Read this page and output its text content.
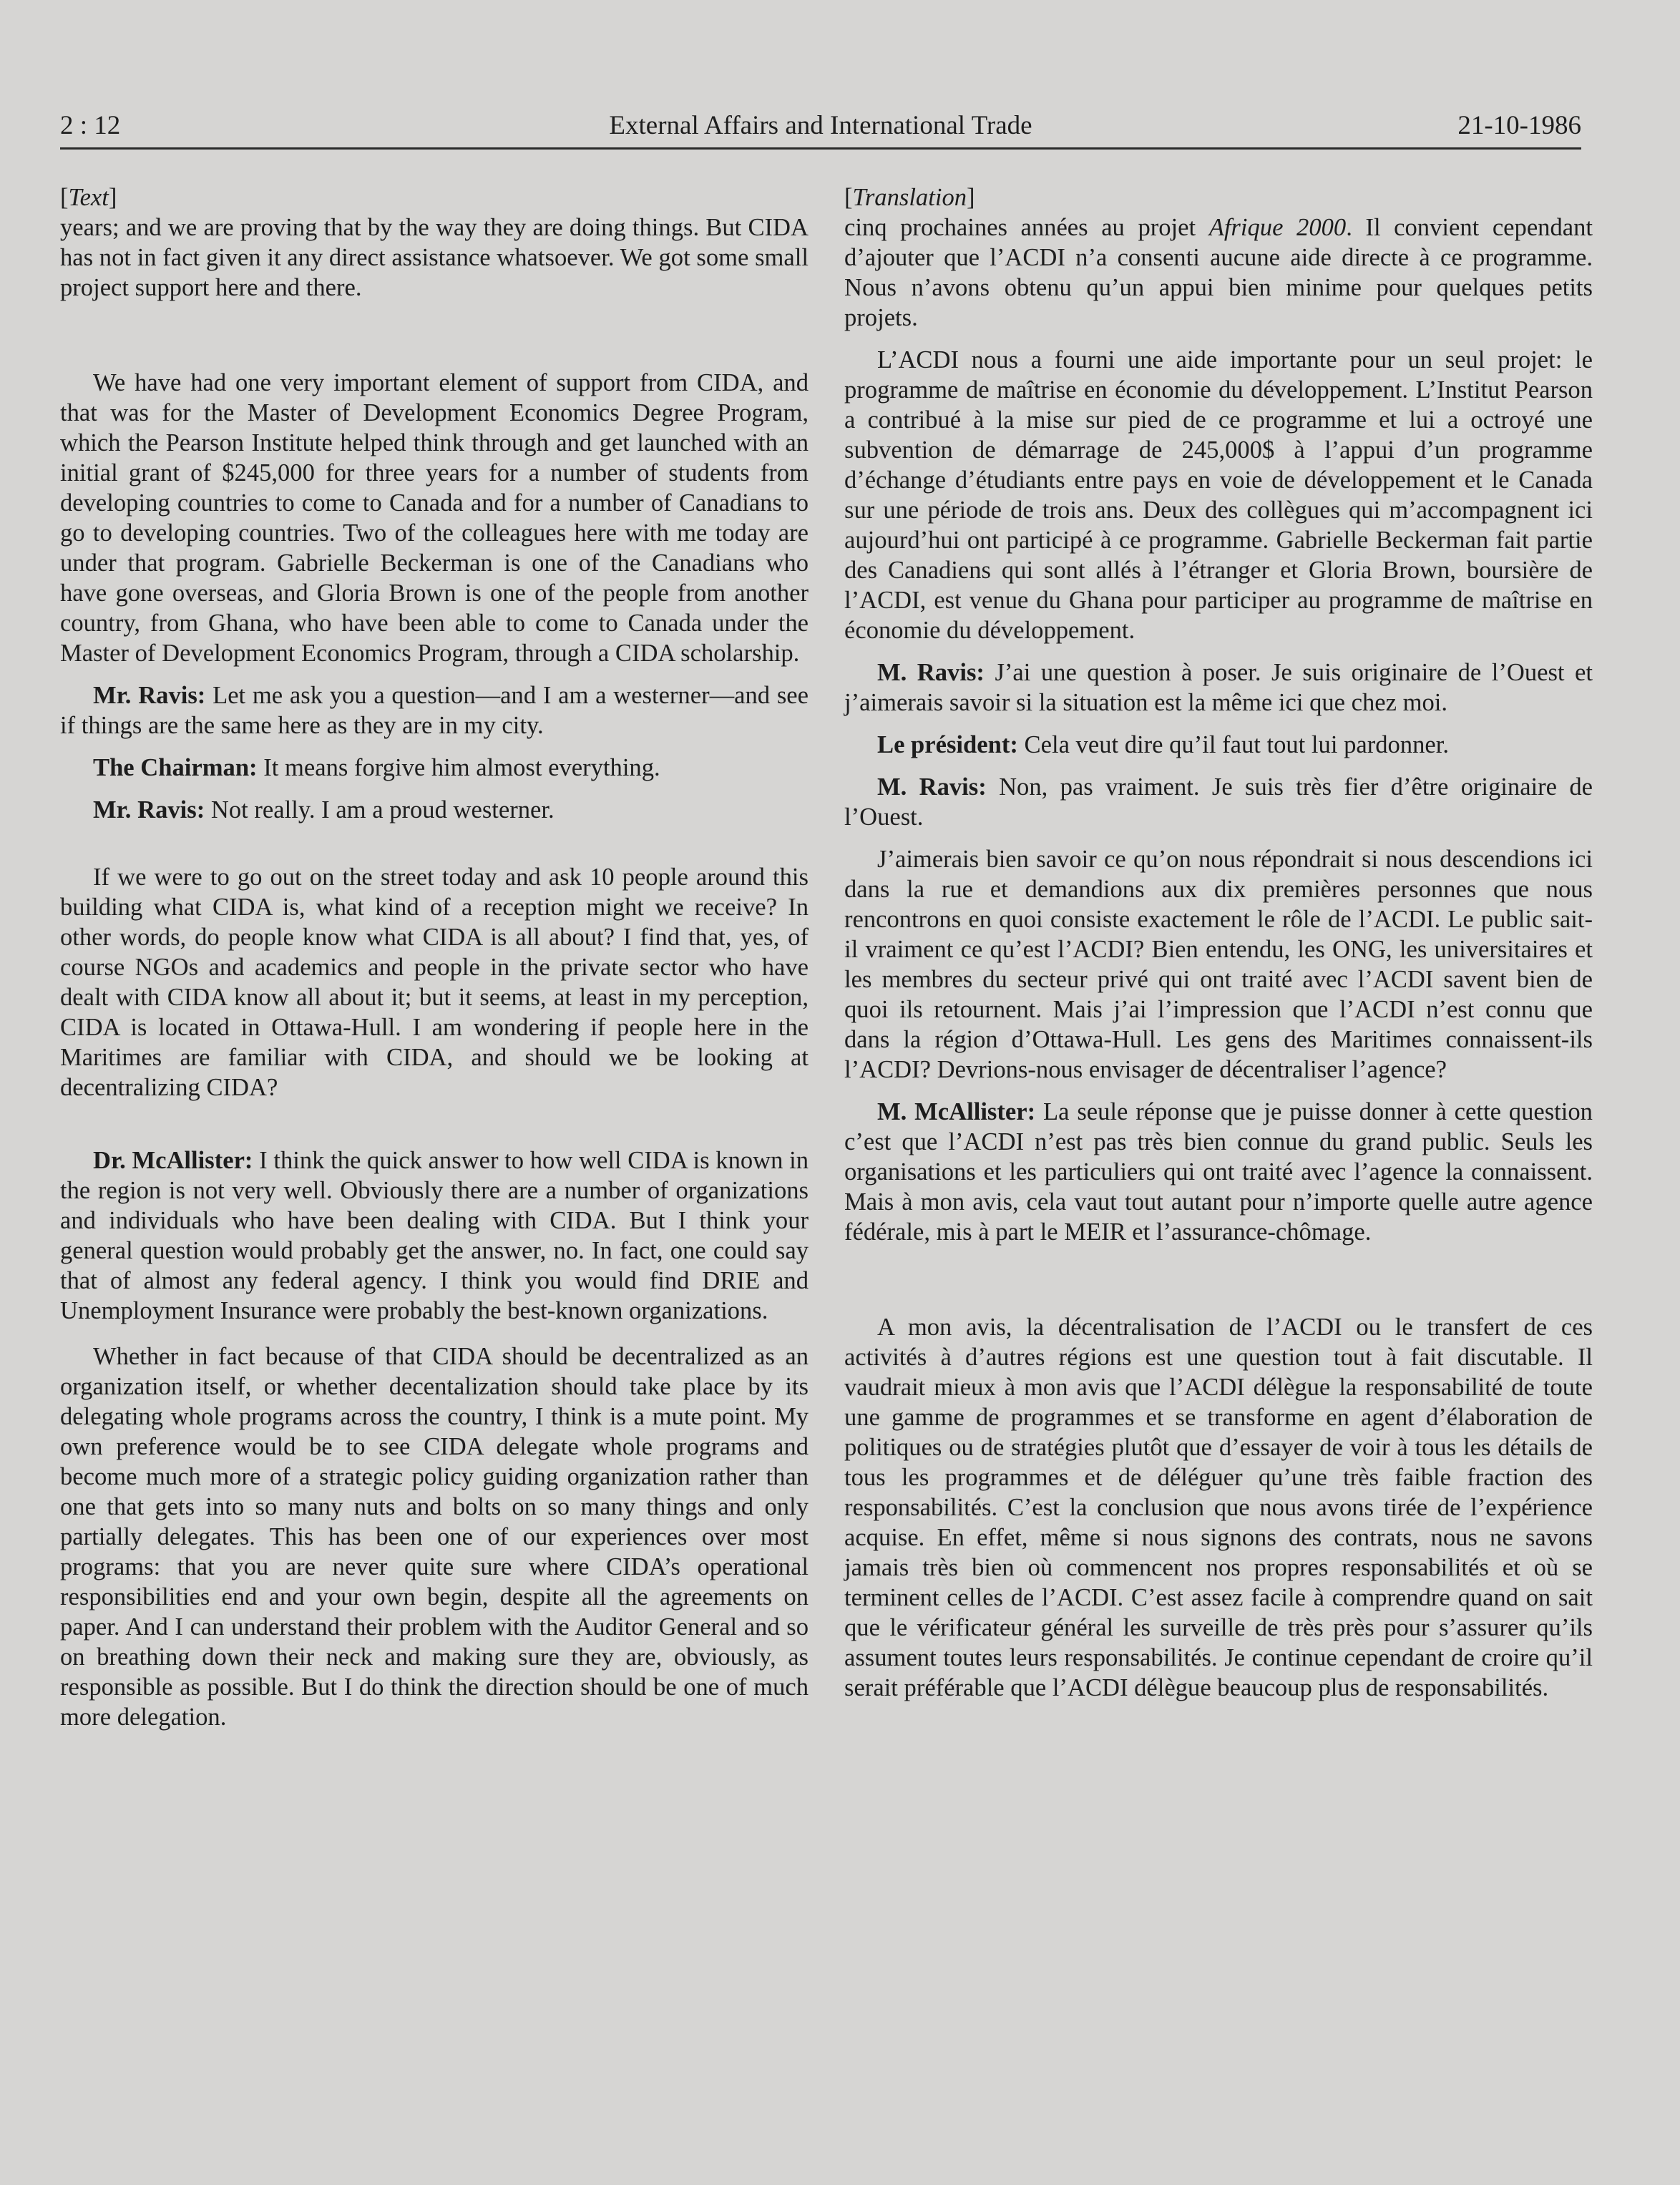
2 : 12	External Affairs and International Trade	21-10-1986

[Text]

years; and we are proving that by the way they are doing things. But CIDA has not in fact given it any direct assistance whatsoever. We got some small project support here and there.

We have had one very important element of support from CIDA, and that was for the Master of Development Economics Degree Program, which the Pearson Institute helped think through and get launched with an initial grant of $245,000 for three years for a number of students from developing countries to come to Canada and for a number of Canadians to go to developing countries. Two of the colleagues here with me today are under that program. Gabrielle Beckerman is one of the Canadians who have gone overseas, and Gloria Brown is one of the people from another country, from Ghana, who have been able to come to Canada under the Master of Development Economics Program, through a CIDA scholarship.

Mr. Ravis: Let me ask you a question—and I am a westerner—and see if things are the same here as they are in my city.

The Chairman: It means forgive him almost everything.

Mr. Ravis: Not really. I am a proud westerner.

If we were to go out on the street today and ask 10 people around this building what CIDA is, what kind of a reception might we receive? In other words, do people know what CIDA is all about? I find that, yes, of course NGOs and academics and people in the private sector who have dealt with CIDA know all about it; but it seems, at least in my perception, CIDA is located in Ottawa-Hull. I am wondering if people here in the Maritimes are familiar with CIDA, and should we be looking at decentralizing CIDA?

Dr. McAllister: I think the quick answer to how well CIDA is known in the region is not very well. Obviously there are a number of organizations and individuals who have been dealing with CIDA. But I think your general question would probably get the answer, no. In fact, one could say that of almost any federal agency. I think you would find DRIE and Unemployment Insurance were probably the best-known organizations.

Whether in fact because of that CIDA should be decentralized as an organization itself, or whether decentalization should take place by its delegating whole programs across the country, I think is a mute point. My own preference would be to see CIDA delegate whole programs and become much more of a strategic policy guiding organization rather than one that gets into so many nuts and bolts on so many things and only partially delegates. This has been one of our experiences over most programs: that you are never quite sure where CIDA’s operational responsibilities end and your own begin, despite all the agreements on paper. And I can understand their problem with the Auditor General and so on breathing down their neck and making sure they are, obviously, as responsible as possible. But I do think the direction should be one of much more delegation.

[Translation]

cinq prochaines années au projet Afrique 2000. Il convient cependant d’ajouter que l’ACDI n’a consenti aucune aide directe à ce programme. Nous n’avons obtenu qu’un appui bien minime pour quelques petits projets.

L’ACDI nous a fourni une aide importante pour un seul projet: le programme de maîtrise en économie du développement. L’Institut Pearson a contribué à la mise sur pied de ce programme et lui a octroyé une subvention de démarrage de 245,000$ à l’appui d’un programme d’échange d’étudiants entre pays en voie de développement et le Canada sur une période de trois ans. Deux des collègues qui m’accompagnent ici aujourd’hui ont participé à ce programme. Gabrielle Beckerman fait partie des Canadiens qui sont allés à l’étranger et Gloria Brown, boursière de l’ACDI, est venue du Ghana pour participer au programme de maîtrise en économie du développement.

M. Ravis: J’ai une question à poser. Je suis originaire de l’Ouest et j’aimerais savoir si la situation est la même ici que chez moi.

Le président: Cela veut dire qu’il faut tout lui pardonner.

M. Ravis: Non, pas vraiment. Je suis très fier d’être originaire de l’Ouest.

J’aimerais bien savoir ce qu’on nous répondrait si nous descendions ici dans la rue et demandions aux dix premières personnes que nous rencontrons en quoi consiste exactement le rôle de l’ACDI. Le public sait-il vraiment ce qu’est l’ACDI? Bien entendu, les ONG, les universitaires et les membres du secteur privé qui ont traité avec l’ACDI savent bien de quoi ils retournent. Mais j’ai l’impression que l’ACDI n’est connu que dans la région d’Ottawa-Hull. Les gens des Maritimes connaissent-ils l’ACDI? Devrions-nous envisager de décentraliser l’agence?

M. McAllister: La seule réponse que je puisse donner à cette question c’est que l’ACDI n’est pas très bien connue du grand public. Seuls les organisations et les particuliers qui ont traité avec l’agence la connaissent. Mais à mon avis, cela vaut tout autant pour n’importe quelle autre agence fédérale, mis à part le MEIR et l’assurance-chômage.

A mon avis, la décentralisation de l’ACDI ou le transfert de ces activités à d’autres régions est une question tout à fait discutable. Il vaudrait mieux à mon avis que l’ACDI délègue la responsabilité de toute une gamme de programmes et se transforme en agent d’élaboration de politiques ou de stratégies plutôt que d’essayer de voir à tous les détails de tous les programmes et de déléguer qu’une très faible fraction des responsabilités. C’est la conclusion que nous avons tirée de l’expérience acquise. En effet, même si nous signons des contrats, nous ne savons jamais très bien où commencent nos propres responsabilités et où se terminent celles de l’ACDI. C’est assez facile à comprendre quand on sait que le vérificateur général les surveille de très près pour s’assurer qu’ils assument toutes leurs responsabilités. Je continue cependant de croire qu’il serait préférable que l’ACDI délègue beaucoup plus de responsabilités.
